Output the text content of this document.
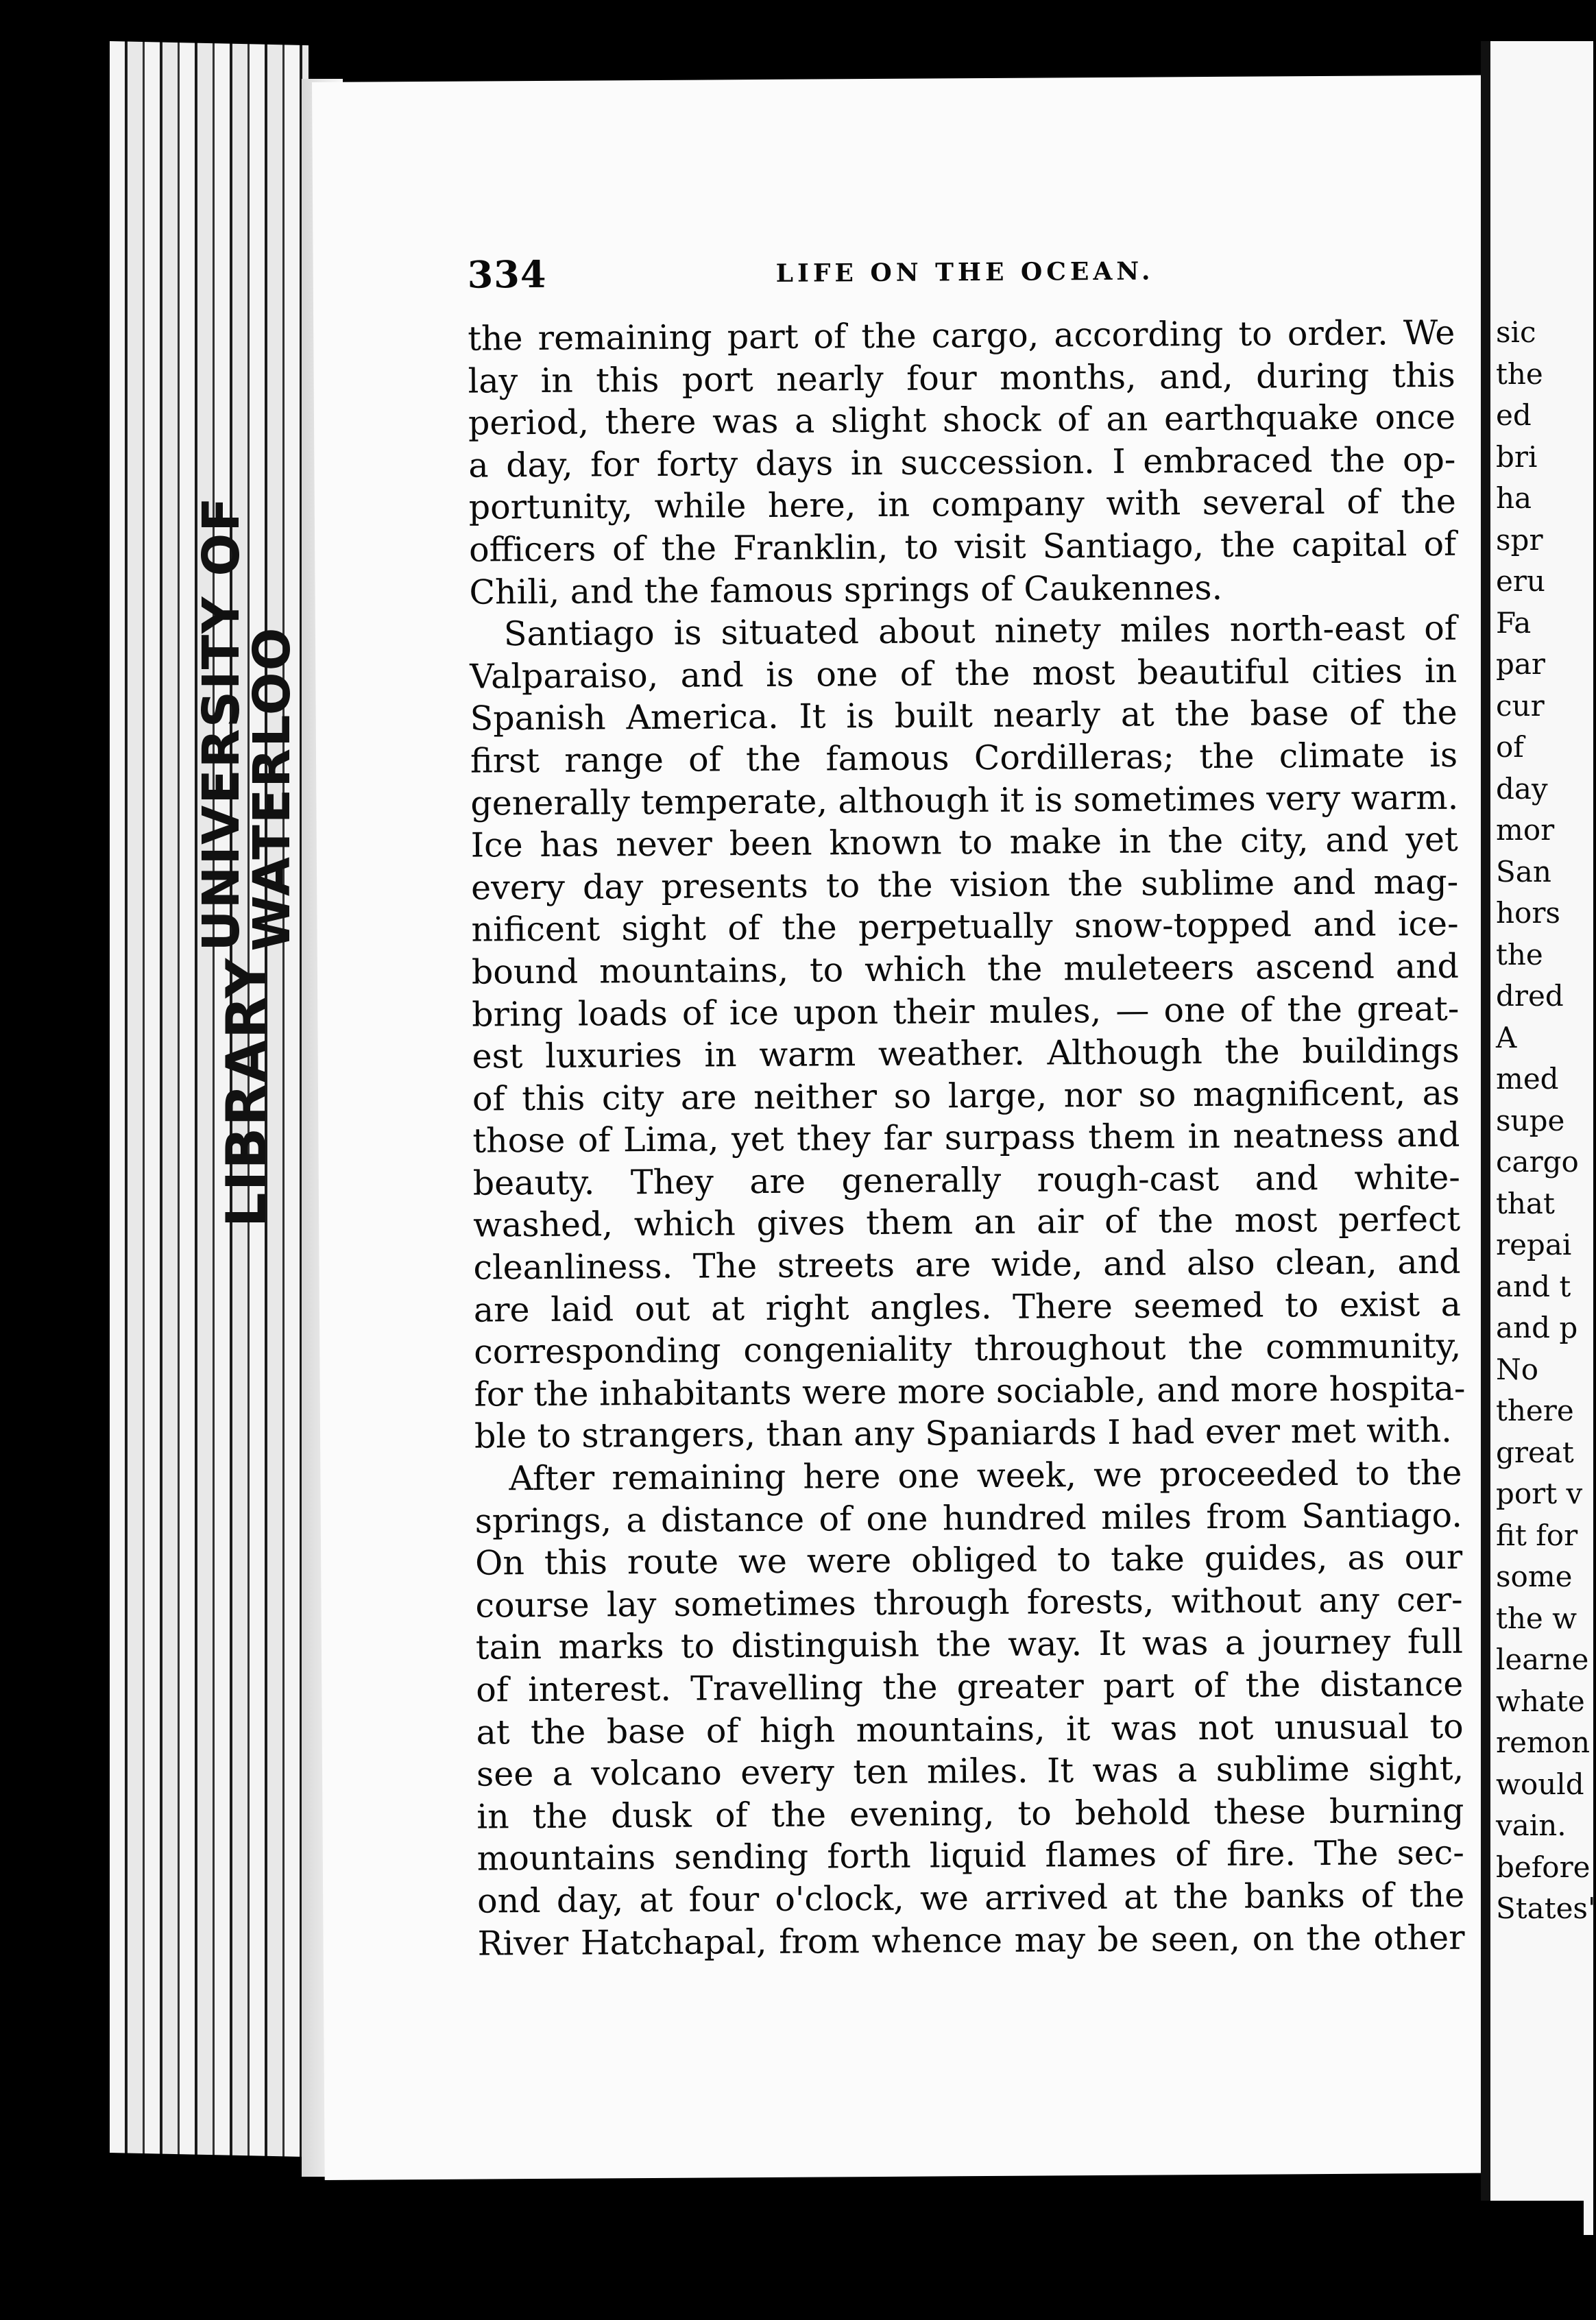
UNIVERSITY OF WATERLOO
LIBRARY
334	LIFE ON THE OCEAN.
the remaining part of the cargo, according to order. We
lay in this port nearly four months, and, during this
period, there was a slight shock of an earthquake once
a day, for forty days in succession. I embraced the op-
portunity, while here, in company with several of the
officers of the Franklin, to visit Santiago, the capital of
Chili, and the famous springs of Caukennes.
Santiago is situated about ninety miles north-east of
Valparaiso, and is one of the most beautiful cities in
Spanish America. It is built nearly at the base of the
first range of the famous Cordilleras; the climate is
generally temperate, although it is sometimes very warm.
Ice has never been known to make in the city, and yet
every day presents to the vision the sublime and mag-
nificent sight of the perpetually snow-topped and ice-
bound mountains, to which the muleteers ascend and
bring loads of ice upon their mules, — one of the great-
est luxuries in warm weather. Although the buildings
of this city are neither so large, nor so magnificent, as
those of Lima, yet they far surpass them in neatness and
beauty. They are generally rough-cast and white-
washed, which gives them an air of the most perfect
cleanliness. The streets are wide, and also clean, and
are laid out at right angles. There seemed to exist a
corresponding congeniality throughout the community,
for the inhabitants were more sociable, and more hospita-
ble to strangers, than any Spaniards I had ever met with.
After remaining here one week, we proceeded to the
springs, a distance of one hundred miles from Santiago.
On this route we were obliged to take guides, as our
course lay sometimes through forests, without any cer-
tain marks to distinguish the way. It was a journey full
of interest. Travelling the greater part of the distance
at the base of high mountains, it was not unusual to
see a volcano every ten miles. It was a sublime sight,
in the dusk of the evening, to behold these burning
mountains sending forth liquid flames of fire. The sec-
ond day, at four o'clock, we arrived at the banks of the
River Hatchapal, from whence may be seen, on the other
sic
the
ed
bri
ha
spr
eru
Fa
par
cur
of
day
mor
San
hors
the
dred
A
med
supe
cargo
that
repai
and t
and p
No
there
great
port v
fit for
some
the w
learne
whate
remon
would
vain.
before
States'
